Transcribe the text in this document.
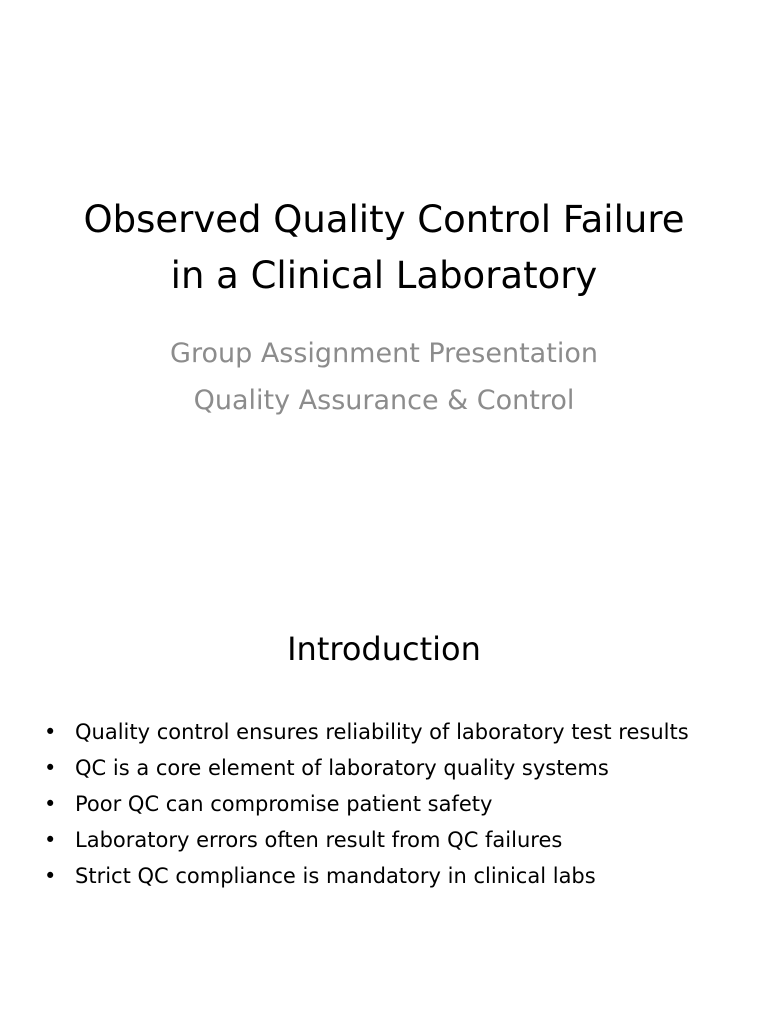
Observed Quality Control Failure
in a Clinical Laboratory
Group Assignment Presentation
Quality Assurance & Control
Introduction
• Quality control ensures reliability of laboratory test results
• QC is a core element of laboratory quality systems
• Poor QC can compromise patient safety
• Laboratory errors often result from QC failures
• Strict QC compliance is mandatory in clinical labs
